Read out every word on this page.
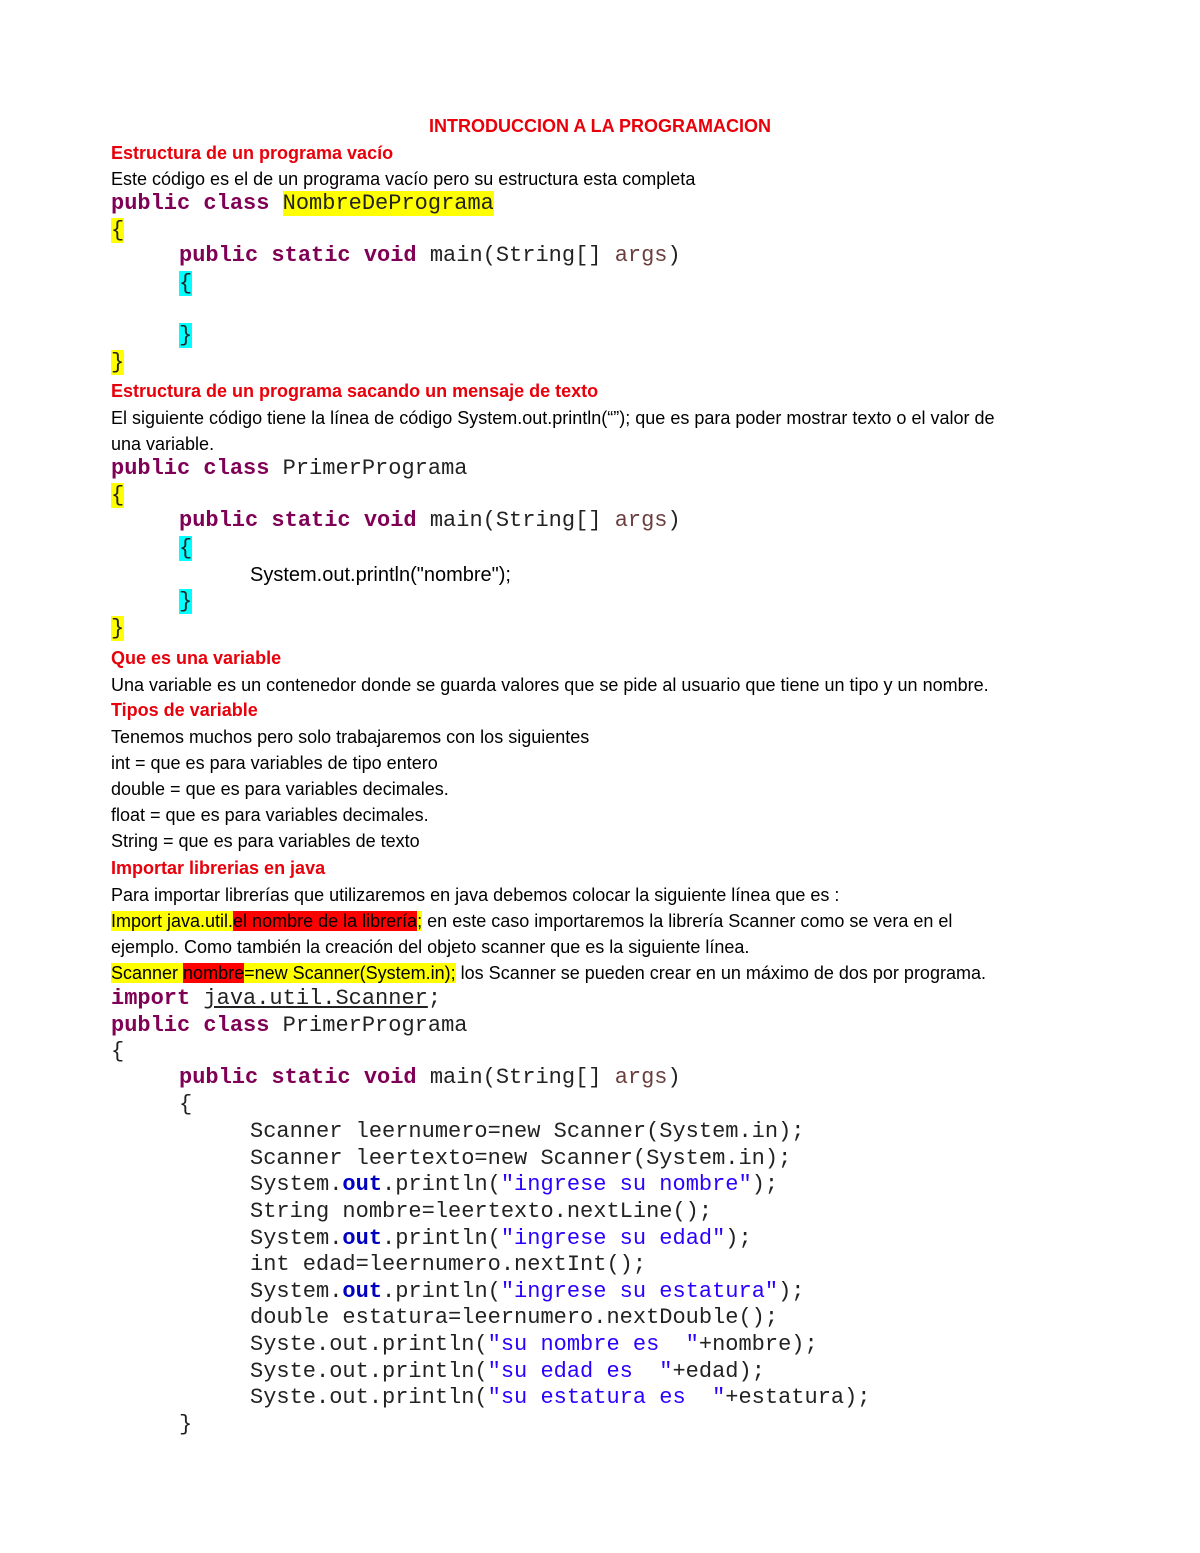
INTRODUCCION A LA PROGRAMACION
Estructura de un programa vacío
Este código es el de un programa vacío pero su estructura esta completa
public class NombreDePrograma
{
public static void main(String[] args)
{
}
}
Estructura de un programa sacando un mensaje de texto
El siguiente código tiene la línea de código System.out.println(“”); que es para poder mostrar texto o el valor de
una variable.
public class PrimerPrograma
{
public static void main(String[] args)
{
System.out.println("nombre");
}
}
Que es una variable
Una variable es un contenedor donde se guarda valores que se pide al usuario que tiene un tipo y un nombre.
Tipos de variable
Tenemos muchos pero solo trabajaremos con los siguientes
int = que es para variables de tipo entero
double = que es para variables decimales.
float = que es para variables decimales.
String = que es para variables de texto
Importar librerias en java
Para importar librerías que utilizaremos en java debemos colocar la siguiente línea que es :
Import java.util.el nombre de la librería; en este caso importaremos la librería Scanner como se vera en el
ejemplo. Como también la creación del objeto scanner que es la siguiente línea.
Scanner nombre=new Scanner(System.in); los Scanner se pueden crear en un máximo de dos por programa.
import java.util.Scanner;
public class PrimerPrograma
{
public static void main(String[] args)
{
Scanner leernumero=new Scanner(System.in);
Scanner leertexto=new Scanner(System.in);
System.out.println("ingrese su nombre");
String nombre=leertexto.nextLine();
System.out.println("ingrese su edad");
int edad=leernumero.nextInt();
System.out.println("ingrese su estatura");
double estatura=leernumero.nextDouble();
Syste.out.println("su nombre es  "+nombre);
Syste.out.println("su edad es  "+edad);
Syste.out.println("su estatura es  "+estatura);
}
